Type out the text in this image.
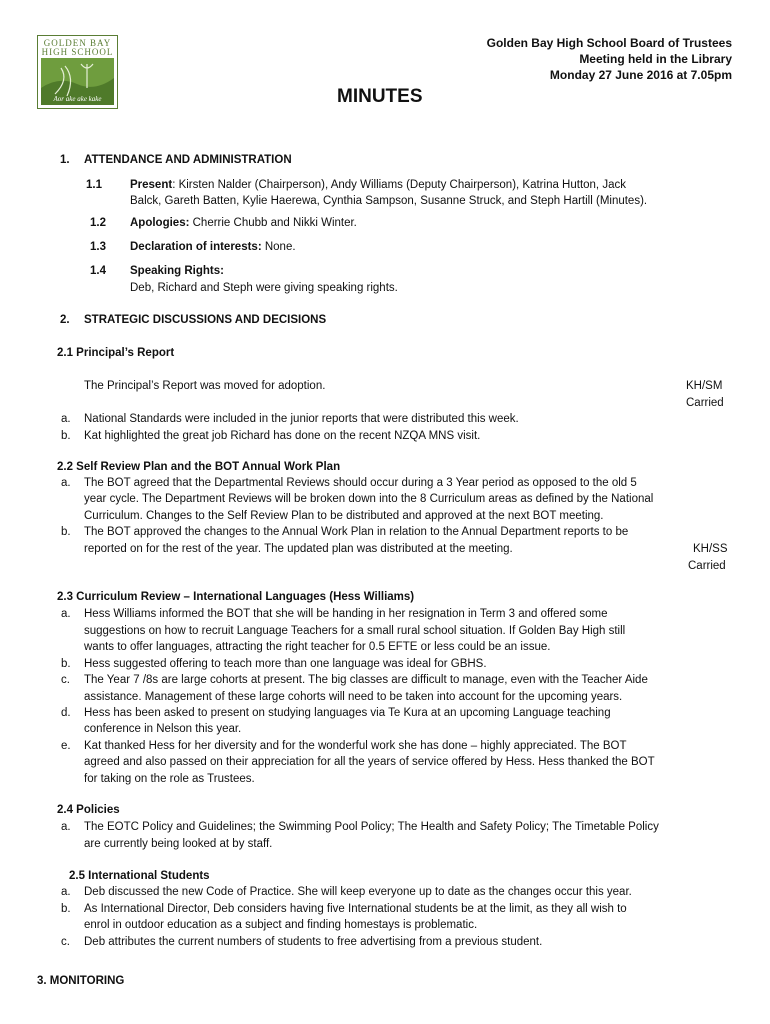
GOLDEN BAY
HIGH SCHOOL
Aor ake ake kake
Golden Bay High School Board of Trustees
Meeting held in the Library
Monday 27 June 2016 at 7.05pm
MINUTES
1. ATTENDANCE AND ADMINISTRATION
1.1 Present: Kirsten Nalder (Chairperson), Andy Williams (Deputy Chairperson), Katrina Hutton, Jack
Balck, Gareth Batten, Kylie Haerewa, Cynthia Sampson, Susanne Struck, and Steph Hartill (Minutes).
1.2 Apologies: Cherrie Chubb and Nikki Winter.
1.3 Declaration of interests: None.
1.4 Speaking Rights:
Deb, Richard and Steph were giving speaking rights.
2. STRATEGIC DISCUSSIONS AND DECISIONS
2.1 Principal’s Report
The Principal’s Report was moved for adoption.	KH/SM
Carried
a. National Standards were included in the junior reports that were distributed this week.
b. Kat highlighted the great job Richard has done on the recent NZQA MNS visit.
2.2 Self Review Plan and the BOT Annual Work Plan
a. The BOT agreed that the Departmental Reviews should occur during a 3 Year period as opposed to the old 5
year cycle. The Department Reviews will be broken down into the 8 Curriculum areas as defined by the National
Curriculum. Changes to the Self Review Plan to be distributed and approved at the next BOT meeting.
b. The BOT approved the changes to the Annual Work Plan in relation to the Annual Department reports to be
reported on for the rest of the year. The updated plan was distributed at the meeting.	KH/SS
Carried
2.3 Curriculum Review – International Languages (Hess Williams)
a. Hess Williams informed the BOT that she will be handing in her resignation in Term 3 and offered some
suggestions on how to recruit Language Teachers for a small rural school situation. If Golden Bay High still
wants to offer languages, attracting the right teacher for 0.5 EFTE or less could be an issue.
b. Hess suggested offering to teach more than one language was ideal for GBHS.
c. The Year 7 /8s are large cohorts at present. The big classes are difficult to manage, even with the Teacher Aide
assistance. Management of these large cohorts will need to be taken into account for the upcoming years.
d. Hess has been asked to present on studying languages via Te Kura at an upcoming Language teaching
conference in Nelson this year.
e. Kat thanked Hess for her diversity and for the wonderful work she has done – highly appreciated. The BOT
agreed and also passed on their appreciation for all the years of service offered by Hess. Hess thanked the BOT
for taking on the role as Trustees.
2.4 Policies
a. The EOTC Policy and Guidelines; the Swimming Pool Policy; The Health and Safety Policy; The Timetable Policy
are currently being looked at by staff.
2.5 International Students
a. Deb discussed the new Code of Practice. She will keep everyone up to date as the changes occur this year.
b. As International Director, Deb considers having five International students be at the limit, as they all wish to
enrol in outdoor education as a subject and finding homestays is problematic.
c. Deb attributes the current numbers of students to free advertising from a previous student.
3. MONITORING
